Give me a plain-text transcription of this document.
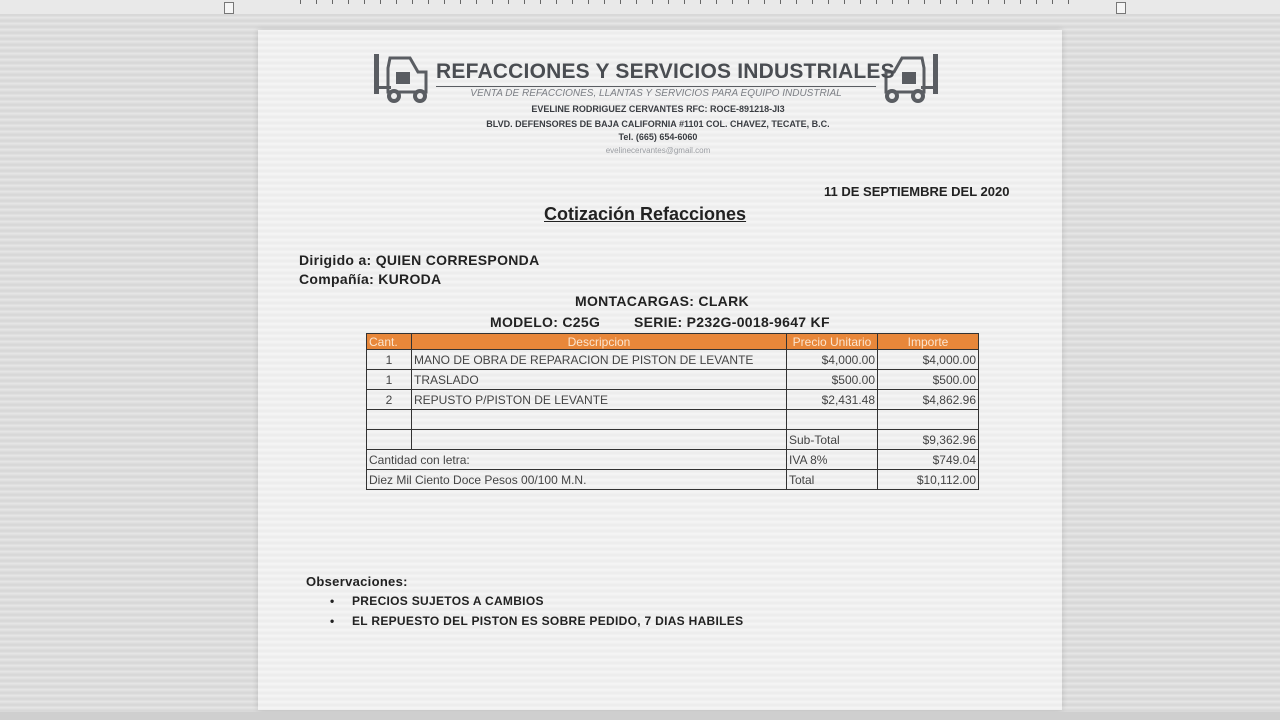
REFACCIONES Y SERVICIOS INDUSTRIALES
VENTA DE REFACCIONES, LLANTAS Y SERVICIOS PARA EQUIPO INDUSTRIAL
EVELINE RODRIGUEZ CERVANTES RFC: ROCE-891218-JI3
BLVD. DEFENSORES DE BAJA CALIFORNIA #1101 COL. CHAVEZ, TECATE, B.C.
Tel. (665) 654-6060
evelinecervantes@gmail.com
11 DE SEPTIEMBRE DEL 2020
Cotización Refacciones
Dirigido a: QUIEN CORRESPONDA
Compañía: KURODA
MONTACARGAS: CLARK
MODELO: C25G SERIE: P232G-0018-9647 KF
Cant.	Descripcion	Precio Unitario	Importe
1	MANO DE OBRA DE REPARACION DE PISTON DE LEVANTE	$4,000.00	$4,000.00
1	TRASLADO	$500.00	$500.00
2	REPUSTO P/PISTON DE LEVANTE	$2,431.48	$4,862.96

		Sub-Total	$9,362.96
Cantidad con letra:		IVA 8%	$749.04
Diez Mil Ciento Doce Pesos 00/100 M.N.		Total	$10,112.00
Observaciones:
• PRECIOS SUJETOS A CAMBIOS
• EL REPUESTO DEL PISTON ES SOBRE PEDIDO, 7 DIAS HABILES
